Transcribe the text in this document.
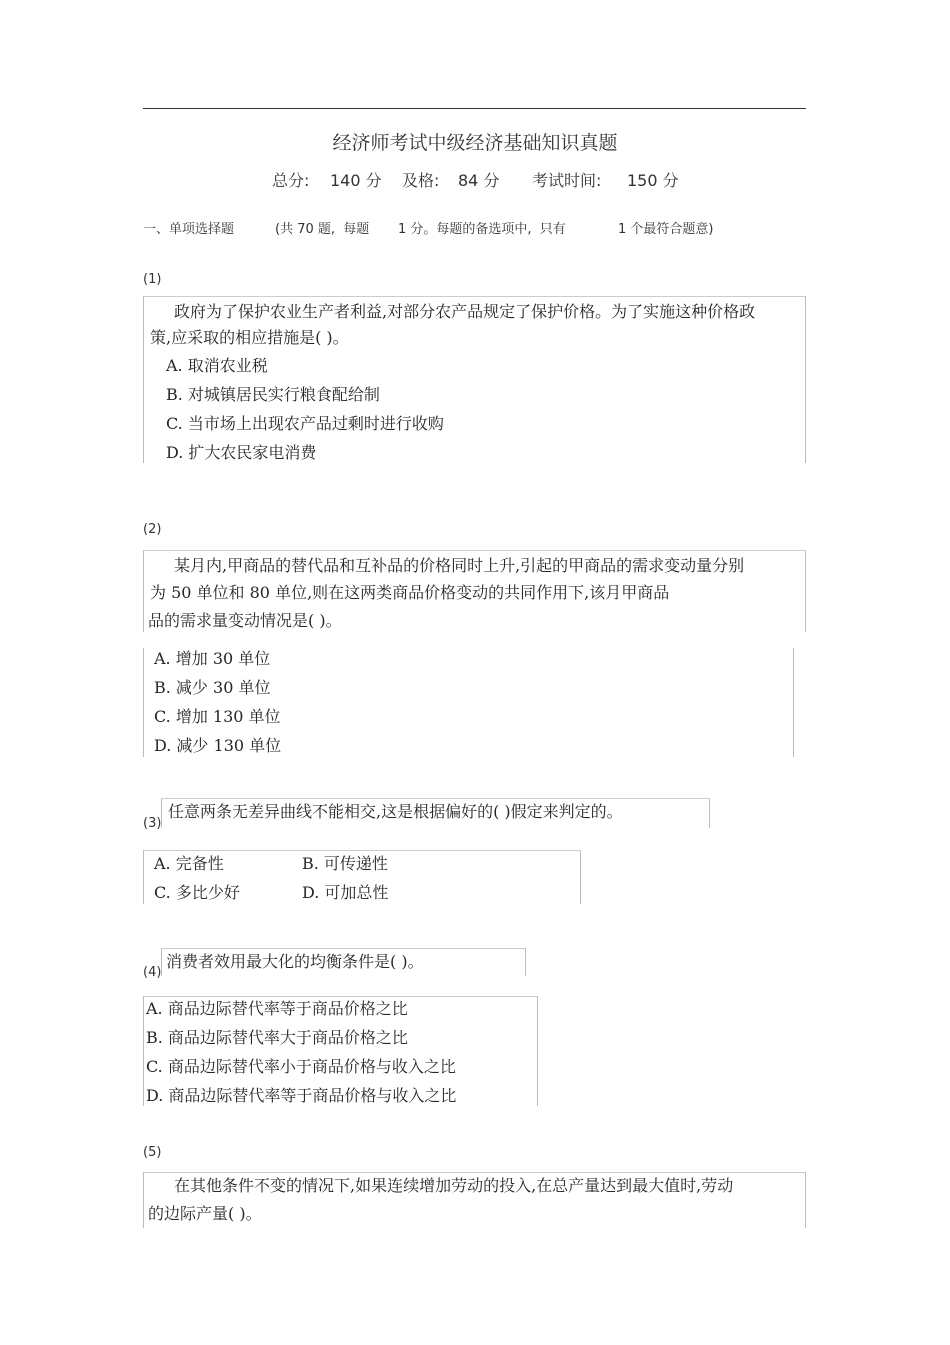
经济师考试中级经济基础知识真题
总分: 140 分 及格: 84 分 考试时间: 150 分
一、单项选择题	(共 70 题,  每题 1 分。每题的备选项中,  只有	1 个最符合题意)
(1)
政府为了保护农业生产者利益,对部分农产品规定了保护价格。为了实施这种价格政
策,应采取的相应措施是( )。
A. 取消农业税
B. 对城镇居民实行粮食配给制
C. 当市场上出现农产品过剩时进行收购
D. 扩大农民家电消费
(2)
某月内,甲商品的替代品和互补品的价格同时上升,引起的甲商品的需求变动量分别
为 50 单位和 80 单位,则在这两类商品价格变动的共同作用下,该月甲商品
品的需求量变动情况是( )。
A. 增加 30 单位
B. 减少 30 单位
C. 增加 130 单位
D. 减少 130 单位
任意两条无差异曲线不能相交,这是根据偏好的( )假定来判定的。
(3)
A. 完备性	B. 可传递性
C. 多比少好	D. 可加总性
消费者效用最大化的均衡条件是( )。
(4)
A. 商品边际替代率等于商品价格之比
B. 商品边际替代率大于商品价格之比
C. 商品边际替代率小于商品价格与收入之比
D. 商品边际替代率等于商品价格与收入之比
(5)
在其他条件不变的情况下,如果连续增加劳动的投入,在总产量达到最大值时,劳动
的边际产量( )。
